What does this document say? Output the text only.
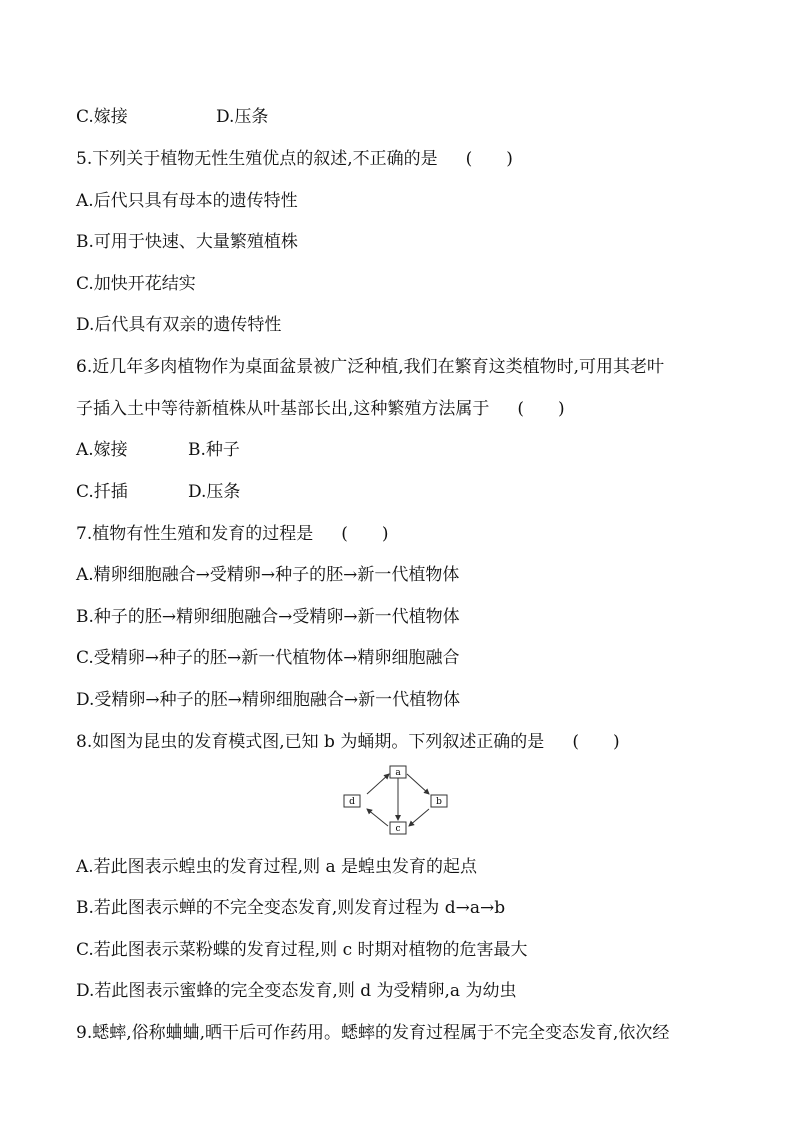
C.嫁接	D.压条
5.下列关于植物无性生殖优点的叙述,不正确的是 (　　)
A.后代只具有母本的遗传特性
B.可用于快速、大量繁殖植株
C.加快开花结实
D.后代具有双亲的遗传特性
6.近几年多肉植物作为桌面盆景被广泛种植,我们在繁育这类植物时,可用其老叶
子插入土中等待新植株从叶基部长出,这种繁殖方法属于 (　　)
A.嫁接	B.种子
C.扦插	D.压条
7.植物有性生殖和发育的过程是 (　　)
A.精卵细胞融合→受精卵→种子的胚→新一代植物体
B.种子的胚→精卵细胞融合→受精卵→新一代植物体
C.受精卵→种子的胚→新一代植物体→精卵细胞融合
D.受精卵→种子的胚→精卵细胞融合→新一代植物体
8.如图为昆虫的发育模式图,已知 b 为蛹期。下列叙述正确的是 (　　)
a
b
c
d
A.若此图表示蝗虫的发育过程,则 a 是蝗虫发育的起点
B.若此图表示蝉的不完全变态发育,则发育过程为 d→a→b
C.若此图表示菜粉蝶的发育过程,则 c 时期对植物的危害最大
D.若此图表示蜜蜂的完全变态发育,则 d 为受精卵,a 为幼虫
9.蟋蟀,俗称蛐蛐,晒干后可作药用。蟋蟀的发育过程属于不完全变态发育,依次经
